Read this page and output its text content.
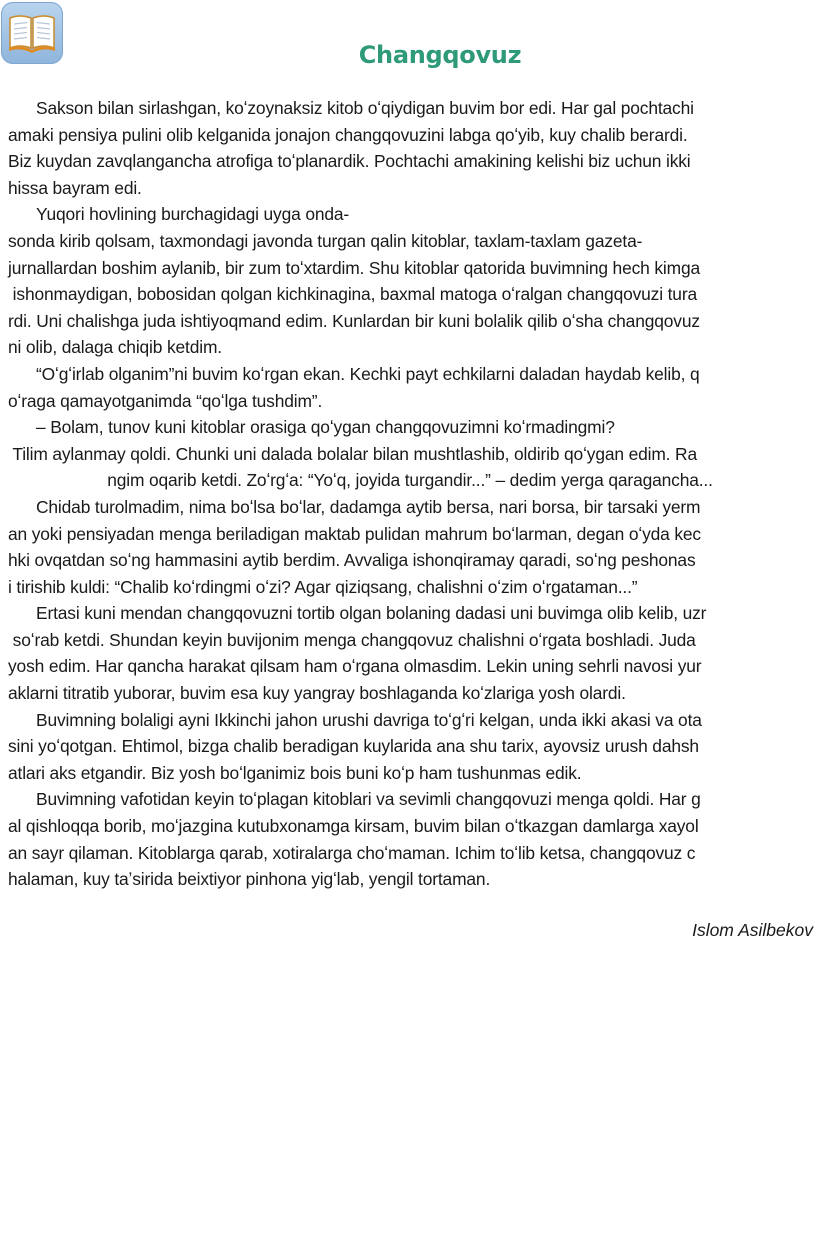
Changqovuz
Sakson bilan sirlashgan, koʻzoynaksiz kitob oʻqiydigan buvim bor edi. Har gal pochtachi
amaki pensiya pulini olib kelganida jonajon changqovuzini labga qoʻyib, kuy chalib berardi.
Biz kuydan zavqlangancha atrofiga toʻplanardik. Pochtachi amakining kelishi biz uchun ikki
hissa bayram edi.
Yuqori hovlining burchagidagi uyga onda-
sonda kirib qolsam, taxmondagi javonda turgan qalin kitoblar, taxlam-taxlam gazeta-
jurnallardan boshim aylanib, bir zum toʻxtardim. Shu kitoblar qatorida buvimning hech kimga
ishonmaydigan, bobosidan qolgan kichkinagina, baxmal matoga oʻralgan changqovuzi tura
rdi. Uni chalishga juda ishtiyoqmand edim. Kunlardan bir kuni bolalik qilib oʻsha changqovuz
ni olib, dalaga chiqib ketdim.
“Oʻgʻirlab olganim”ni buvim koʻrgan ekan. Kechki payt echkilarni daladan haydab kelib, q
oʻraga qamayotganimda “qoʻlga tushdim”.
– Bolam, tunov kuni kitoblar orasiga qoʻygan changqovuzimni koʻrmadingmi?
Tilim aylanmay qoldi. Chunki uni dalada bolalar bilan mushtlashib, oldirib qoʻygan edim. Ra
ngim oqarib ketdi. Zoʻrgʻa: “Yoʻq, joyida turgandir...” – dedim yerga qaragancha...
Chidab turolmadim, nima boʻlsa boʻlar, dadamga aytib bersa, nari borsa, bir tarsaki yerm
an yoki pensiyadan menga beriladigan maktab pulidan mahrum boʻlarman, degan oʻyda kec
hki ovqatdan soʻng hammasini aytib berdim. Avvaliga ishonqiramay qaradi, soʻng peshonas
i tirishib kuldi: “Chalib koʻrdingmi oʻzi? Agar qiziqsang, chalishni oʻzim oʻrgataman...”
Ertasi kuni mendan changqovuzni tortib olgan bolaning dadasi uni buvimga olib kelib, uzr
soʻrab ketdi. Shundan keyin buvijonim menga changqovuz chalishni oʻrgata boshladi. Juda
yosh edim. Har qancha harakat qilsam ham oʻrgana olmasdim. Lekin uning sehrli navosi yur
aklarni titratib yuborar, buvim esa kuy yangray boshlaganda koʻzlariga yosh olardi.
Buvimning bolaligi ayni Ikkinchi jahon urushi davriga toʻgʻri kelgan, unda ikki akasi va ota
sini yoʻqotgan. Ehtimol, bizga chalib beradigan kuylarida ana shu tarix, ayovsiz urush dahsh
atlari aks etgandir. Biz yosh boʻlganimiz bois buni koʻp ham tushunmas edik.
Buvimning vafotidan keyin toʻplagan kitoblari va sevimli changqovuzi menga qoldi. Har g
al qishloqqa borib, moʻjazgina kutubxonamga kirsam, buvim bilan oʻtkazgan damlarga xayol
an sayr qilaman. Kitoblarga qarab, xotiralarga choʻmaman. Ichim toʻlib ketsa, changqovuz c
halaman, kuy taʼsirida beixtiyor pinhona yigʻlab, yengil tortaman.

Islom Asilbekov
